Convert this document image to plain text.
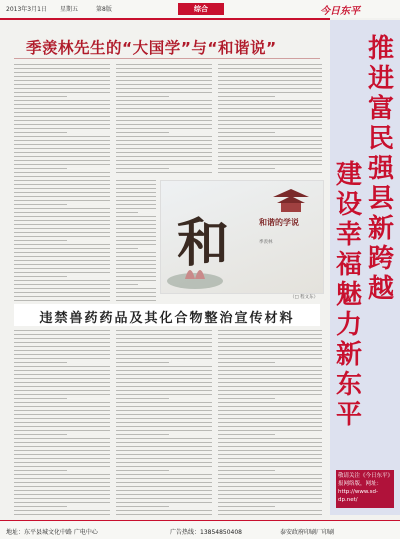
2013年3月1日 星期五	第8版	综合	今日东平
季羡林先生的“大国学”与“和谐说”
和	和谐的学说
季羡林
（□ 程文东）
违禁兽药药品及其化合物整治宣传材料
推进富民强县新跨越
建设幸福魅力新东平
敬请关注《今日东平》报网络版，网址：http://www.sd-dp.net/
地址：东平县城文化中路 广电中心	广告热线：13854850408	泰安政府印刷厂印刷
